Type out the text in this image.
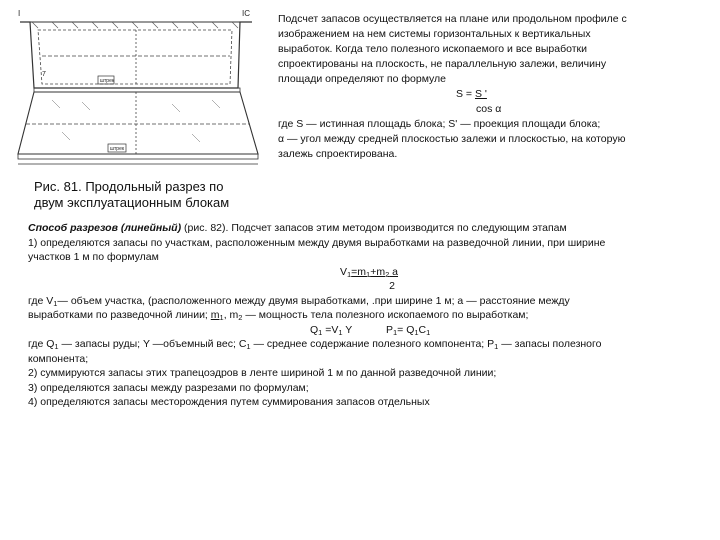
I	IC
7
штрек
штрек
Рис. 81. Продольный разрез по
двум эксплуатационным блокам

Подсчет запасов осуществляется на плане или продольном профиле с

изображением на нем системы горизонтальных к вертикальных

выработок. Когда тело полезного ископаемого и все выработки

спроектированы на плоскость, не параллельную залежи, величину

площади определяют по формуле

S = S '

cos α

где S — истинная площадь блока; S' — проекция площади блока;

α — угол между средней плоскостью залежи и плоскостью, на которую

залежь спроектирована.

Способ разрезов (линейный) (рис. 82). Подсчет запасов этим методом производится по следующим этапам

1) определяются запасы по участкам, расположенным между двумя выработками на разведочной линии, при ширине

участков 1 м по формулам

$V_1=m_1+m_2$ a

2

где $V_1—$ объем участка, (расположенного между двумя выработками, .при ширине 1 м; a — расстояние между

выработками по разведочной линии; $m_1$, $m_2$ — мощность тела полезного ископаемого по выработкам;

$Q_1 =V_1$ Y	$P_1= Q_1C_1$

где $Q_1$ — запасы руды; Y —объемный вес; $C_1$ — среднее содержание полезного компонента; $P_1$ — запасы полезного

компонента;

2) суммируются запасы этих трапецоэдров в ленте шириной 1 м по данной разведочной линии;

3) определяются запасы между разрезами по формулам;

4) определяются запасы месторождения путем суммирования запасов отдельных
